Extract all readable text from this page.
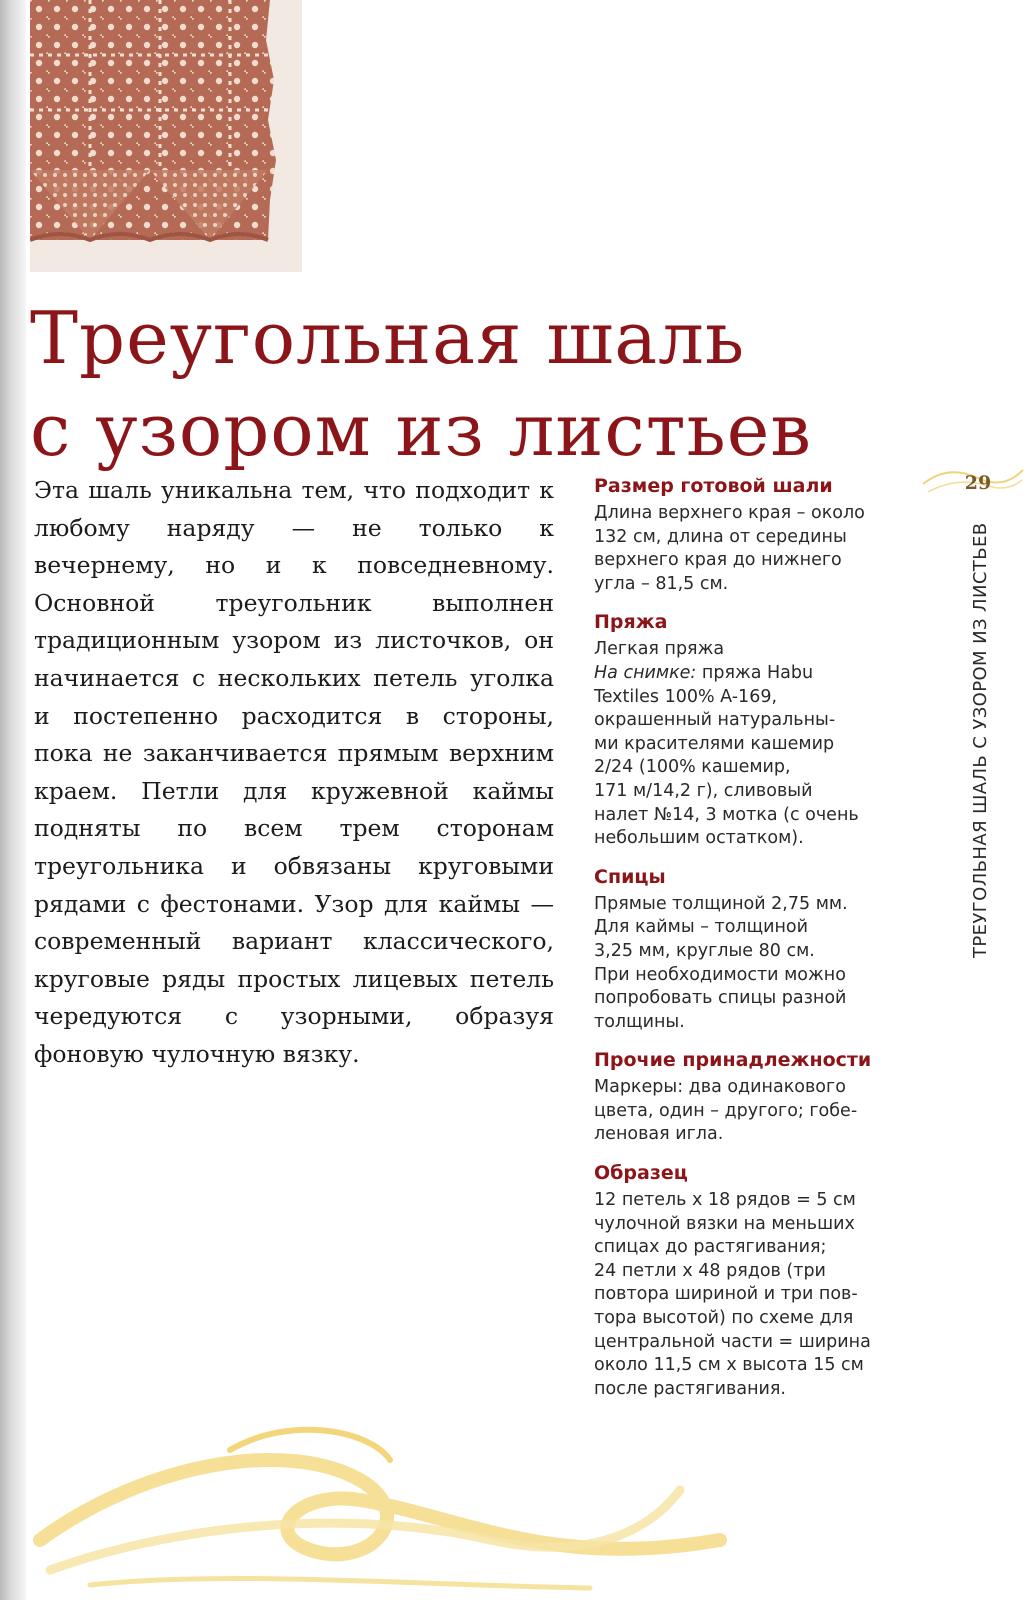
Треугольная шаль
с узором из листьев

Эта шаль уникальна тем, что подходит к любому наряду — не только к вечернему, но и к повседневному. Основной треугольник выполнен традиционным узором из листочков, он начинается с нескольких петель уголка и постепенно расходится в стороны, пока не заканчивается прямым верхним краем. Петли для кружевной каймы подняты по всем трем сторонам треугольника и обвязаны круговыми рядами с фестонами. Узор для каймы — современный вариант классического, круговые ряды простых лицевых петель чередуются с узорными, образуя фоновую чулочную вязку.

Размер готовой шали

Длина верхнего края – около
132 см, длина от середины
верхнего края до нижнего
угла – 81,5 см.

Пряжа

Легкая пряжа
На снимке: пряжа Habu
Textiles 100% A-169,
окрашенный натуральны-
ми красителями кашемир
2/24 (100% кашемир,
171 м/14,2 г), сливовый
налет №14, 3 мотка (с очень
небольшим остатком).

Спицы

Прямые толщиной 2,75 мм.
Для каймы – толщиной
3,25 мм, круглые 80 см.
При необходимости можно
попробовать спицы разной
толщины.

Прочие принадлежности

Маркеры: два одинакового
цвета, один – другого; гобе-
леновая игла.

Образец

12 петель х 18 рядов = 5 см
чулочной вязки на меньших
спицах до растягивания;
24 петли х 48 рядов (три
повтора шириной и три пов-
тора высотой) по схеме для
центральной части = ширина
около 11,5 см х высота 15 см
после растягивания.

29
ТРЕУГОЛЬНАЯ ШАЛЬ С УЗОРОМ ИЗ ЛИСТЬЕВ
